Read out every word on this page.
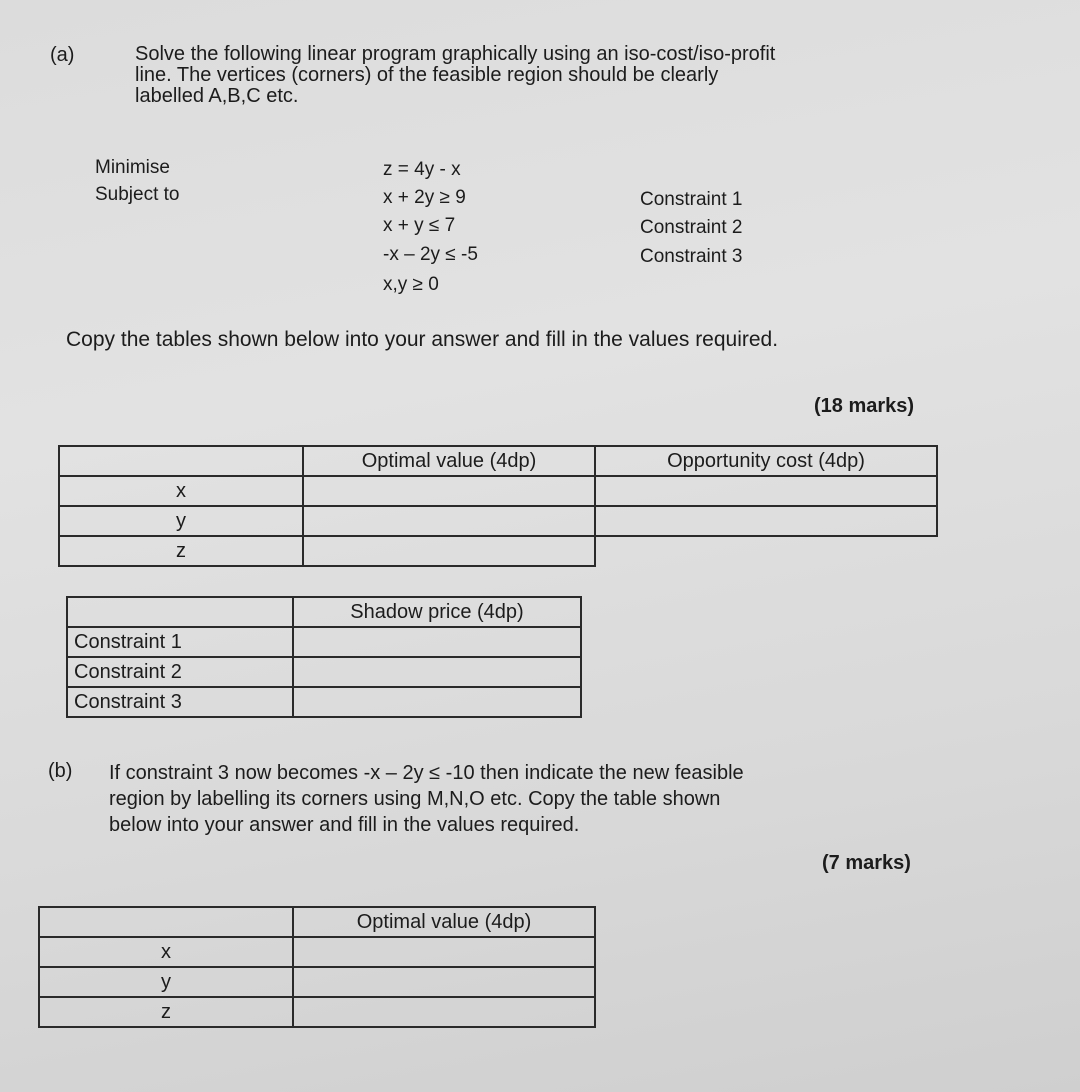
(a)	Solve the following linear program graphically using an iso-cost/iso-profit
line. The vertices (corners) of the feasible region should be clearly
labelled A,B,C etc.
Minimise
Subject to
z = 4y - x
x + 2y ≥ 9
x + y ≤ 7
-x – 2y ≤ -5
x,y ≥ 0
Constraint 1
Constraint 2
Constraint 3
Copy the tables shown below into your answer and fill in the values required.
(18 marks)
	Optimal value (4dp)	Opportunity cost (4dp)
x		
y		
z		
	Shadow price (4dp)
Constraint 1	
Constraint 2	
Constraint 3	
(b) If constraint 3 now becomes -x – 2y ≤ -10 then indicate the new feasible
region by labelling its corners using M,N,O etc. Copy the table shown
below into your answer and fill in the values required.
(7 marks)
	Optimal value (4dp)
x	
y	
z	
